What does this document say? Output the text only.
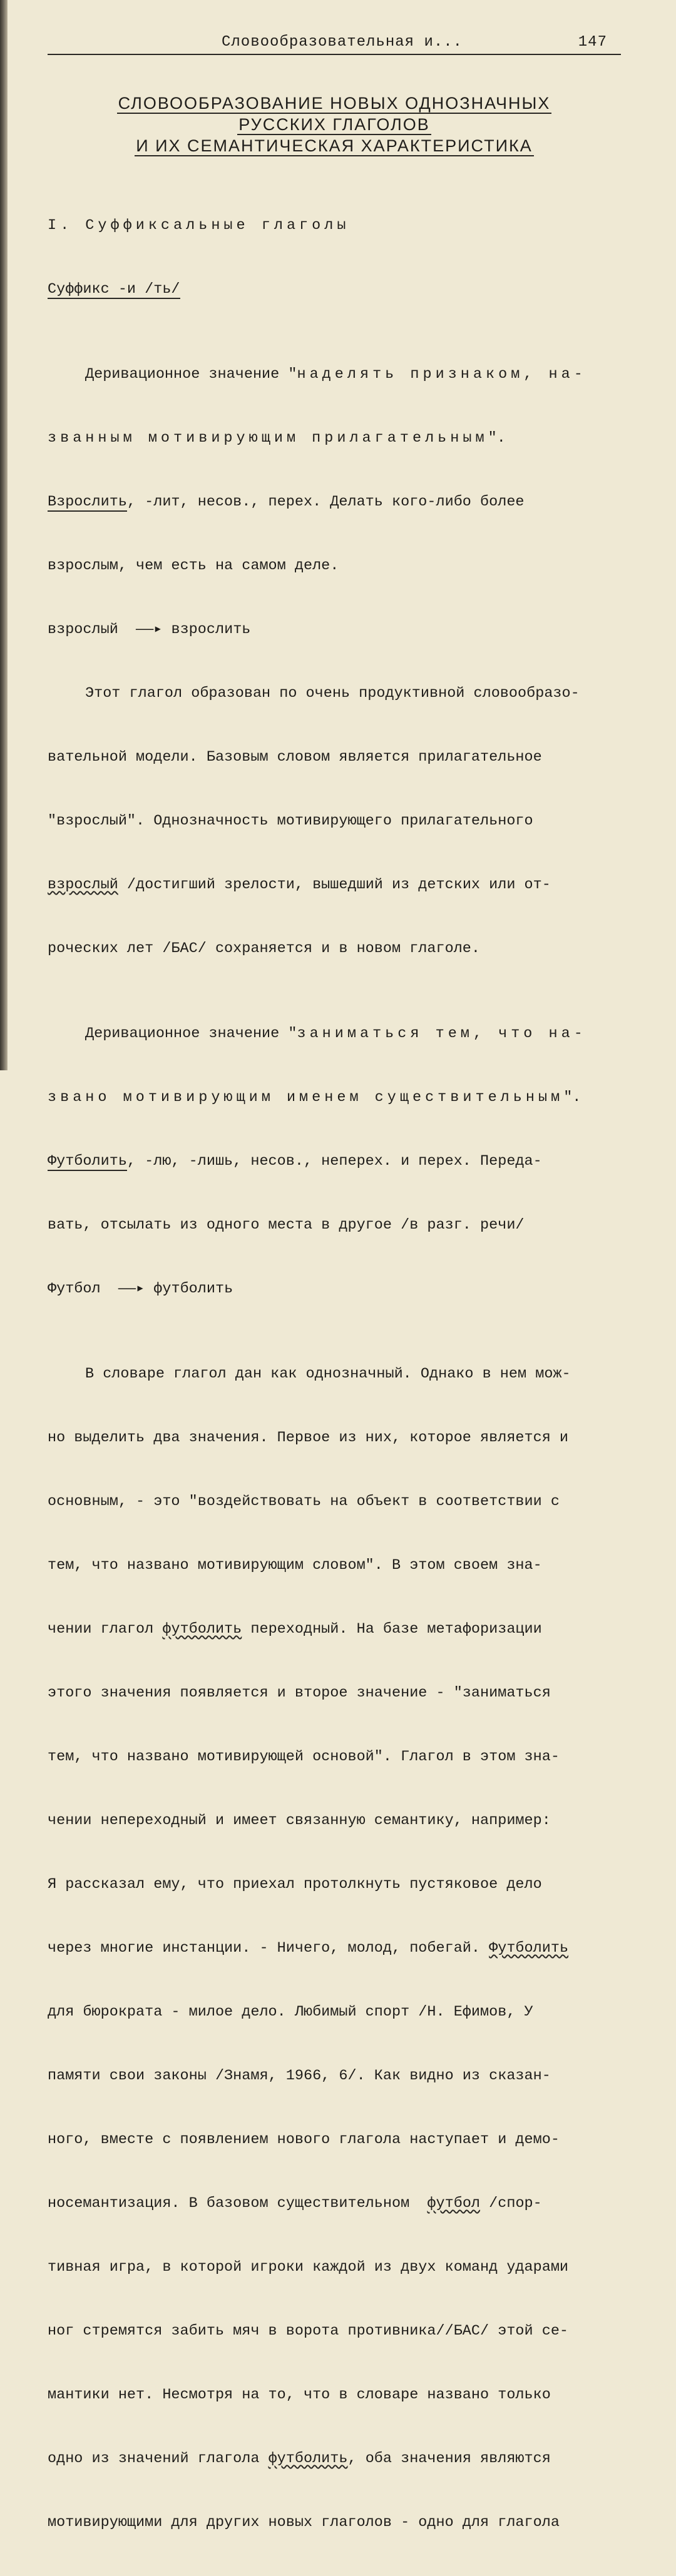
Словообразовательная и...	147
СЛОВООБРАЗОВАНИЕ НОВЫХ ОДНОЗНАЧНЫХ
РУССКИХ ГЛАГОЛОВ
И ИХ СЕМАНТИЧЕСКАЯ ХАРАКТЕРИСТИКА

I. Суффиксальные глаголы

Суффикс -и /ть/

Деривационное значение "наделять признаком, на-

званным мотивирующим прилагательным".

Взрослить, -лит, несов., перех. Делать кого-либо более

взрослым, чем есть на самом деле.

взрослый  ——▸ взрослить

Этот глагол образован по очень продуктивной словообразо-

вательной модели. Базовым словом является прилагательное

"взрослый". Однозначность мотивирующего прилагательного

взрослый /достигший зрелости, вышедший из детских или от-

роческих лет /БАС/ сохраняется и в новом глаголе.

Деривационное значение "заниматься тем, что на-

звано мотивирующим именем существительным".

Футболить, -лю, -лишь, несов., неперех. и перех. Переда-

вать, отсылать из одного места в другое /в разг. речи/

Футбол  ——▸ футболить

В словаре глагол дан как однозначный. Однако в нем мож-

но выделить два значения. Первое из них, которое является и

основным, - это "воздействовать на объект в соответствии с

тем, что названо мотивирующим словом". В этом своем зна-

чении глагол футболить переходный. На базе метафоризации

этого значения появляется и второе значение - "заниматься

тем, что названо мотивирующей основой". Глагол в этом зна-

чении непереходный и имеет связанную семантику, например:

Я рассказал ему, что приехал протолкнуть пустяковое дело

через многие инстанции. - Ничего, молод, побегай. Футболить

для бюрократа - милое дело. Любимый спорт /Н. Ефимов, У

памяти свои законы /Знамя, 1966, 6/. Как видно из сказан-

ного, вместе с появлением нового глагола наступает и демо-

носемантизация. В базовом существительном  футбол /спор-

тивная игра, в которой игроки каждой из двух команд ударами

ног стремятся забить мяч в ворота противника//БАС/ этой се-

мантики нет. Несмотря на то, что в словаре названо только

одно из значений глагола футболить, оба значения являются

мотивирующими для других новых глаголов - одно для глагола
